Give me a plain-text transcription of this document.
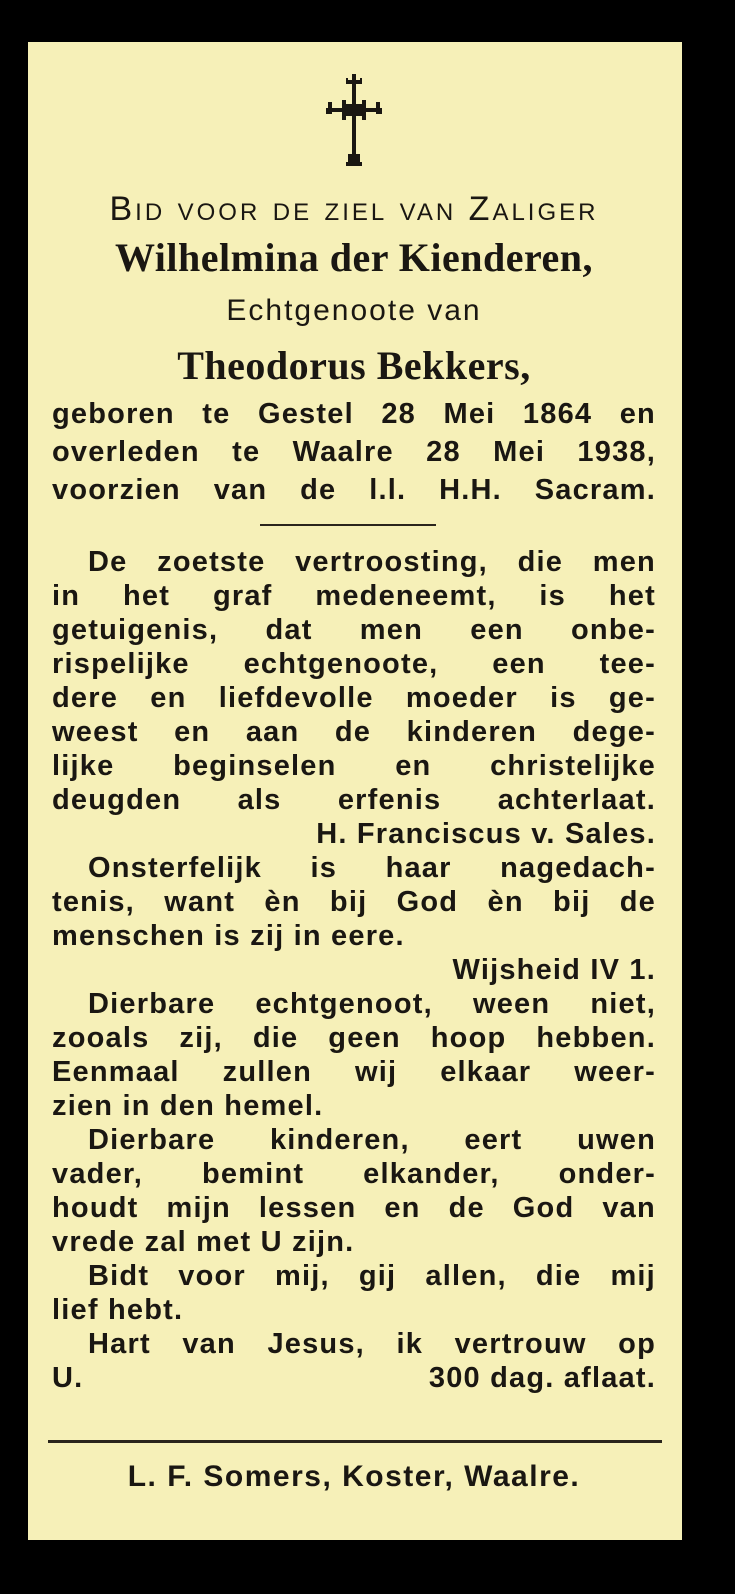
Bid voor de ziel van Zaliger
Wilhelmina der Kienderen,
Echtgenoote van
Theodorus Bekkers,
geboren te Gestel 28 Mei 1864 en
overleden te Waalre 28 Mei 1938,
voorzien van de l.l. H.H. Sacram.
De zoetste vertroosting, die men
in het graf medeneemt, is het
getuigenis, dat men een onbe-
rispelijke echtgenoote, een tee-
dere en liefdevolle moeder is ge-
weest en aan de kinderen dege-
lijke beginselen en christelijke
deugden als erfenis achterlaat.
H. Franciscus v. Sales.
Onsterfelijk is haar nagedach-
tenis, want èn bij God èn bij de
menschen is zij in eere.
Wijsheid IV 1.
Dierbare echtgenoot, ween niet,
zooals zij, die geen hoop hebben.
Eenmaal zullen wij elkaar weer-
zien in den hemel.
Dierbare kinderen, eert uwen
vader, bemint elkander, onder-
houdt mijn lessen en de God van
vrede zal met U zijn.
Bidt voor mij, gij allen, die mij
lief hebt.
Hart van Jesus, ik vertrouw op
U.	300 dag. aflaat.
L. F. Somers, Koster, Waalre.
